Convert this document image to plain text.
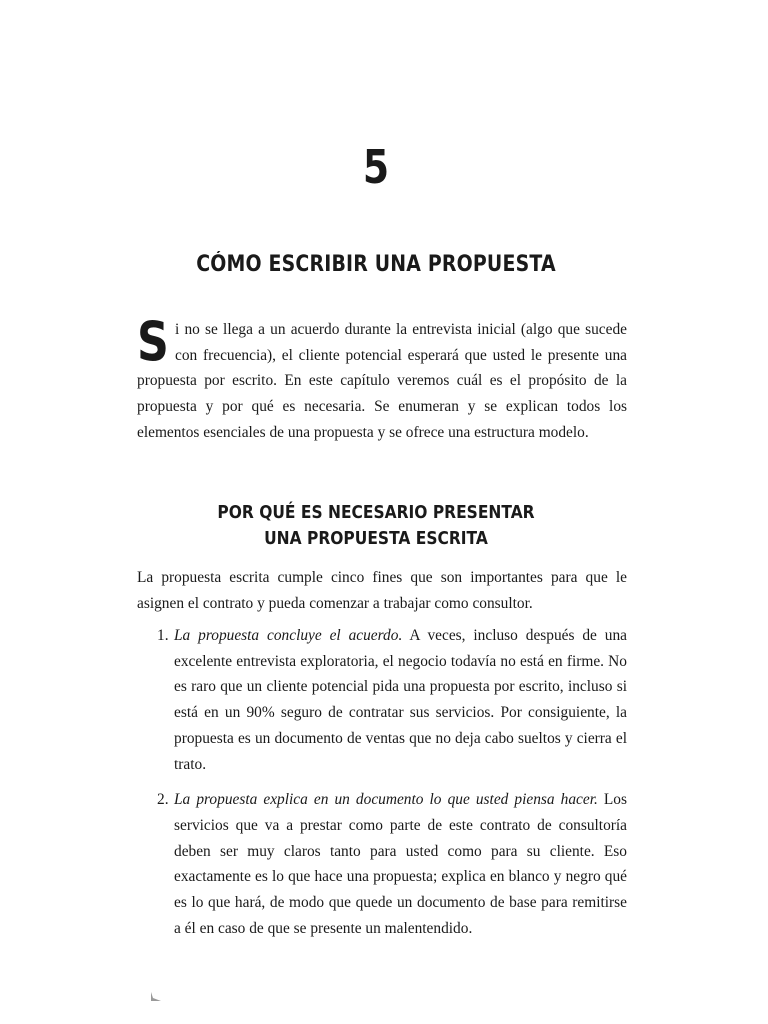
5
CÓMO ESCRIBIR UNA PROPUESTA
Si no se llega a un acuerdo durante la entrevista inicial (algo que sucede con frecuencia), el cliente potencial esperará que usted le presente una propuesta por escrito. En este capítulo veremos cuál es el propósito de la propuesta y por qué es necesaria. Se enumeran y se explican todos los elementos esenciales de una propuesta y se ofrece una estructura modelo.
POR QUÉ ES NECESARIO PRESENTAR
UNA PROPUESTA ESCRITA
La propuesta escrita cumple cinco fines que son importantes para que le asignen el contrato y pueda comenzar a trabajar como consultor.
1. La propuesta concluye el acuerdo. A veces, incluso después de una excelente entrevista exploratoria, el negocio todavía no está en firme. No es raro que un cliente potencial pida una propuesta por escrito, incluso si está en un 90% seguro de contratar sus servicios. Por consiguiente, la propuesta es un documento de ventas que no deja cabo sueltos y cierra el trato.
2. La propuesta explica en un documento lo que usted piensa hacer. Los servicios que va a prestar como parte de este contrato de consultoría deben ser muy claros tanto para usted como para su cliente. Eso exactamente es lo que hace una propuesta; explica en blanco y negro qué es lo que hará, de modo que quede un documento de base para remitirse a él en caso de que se presente un malentendido.
